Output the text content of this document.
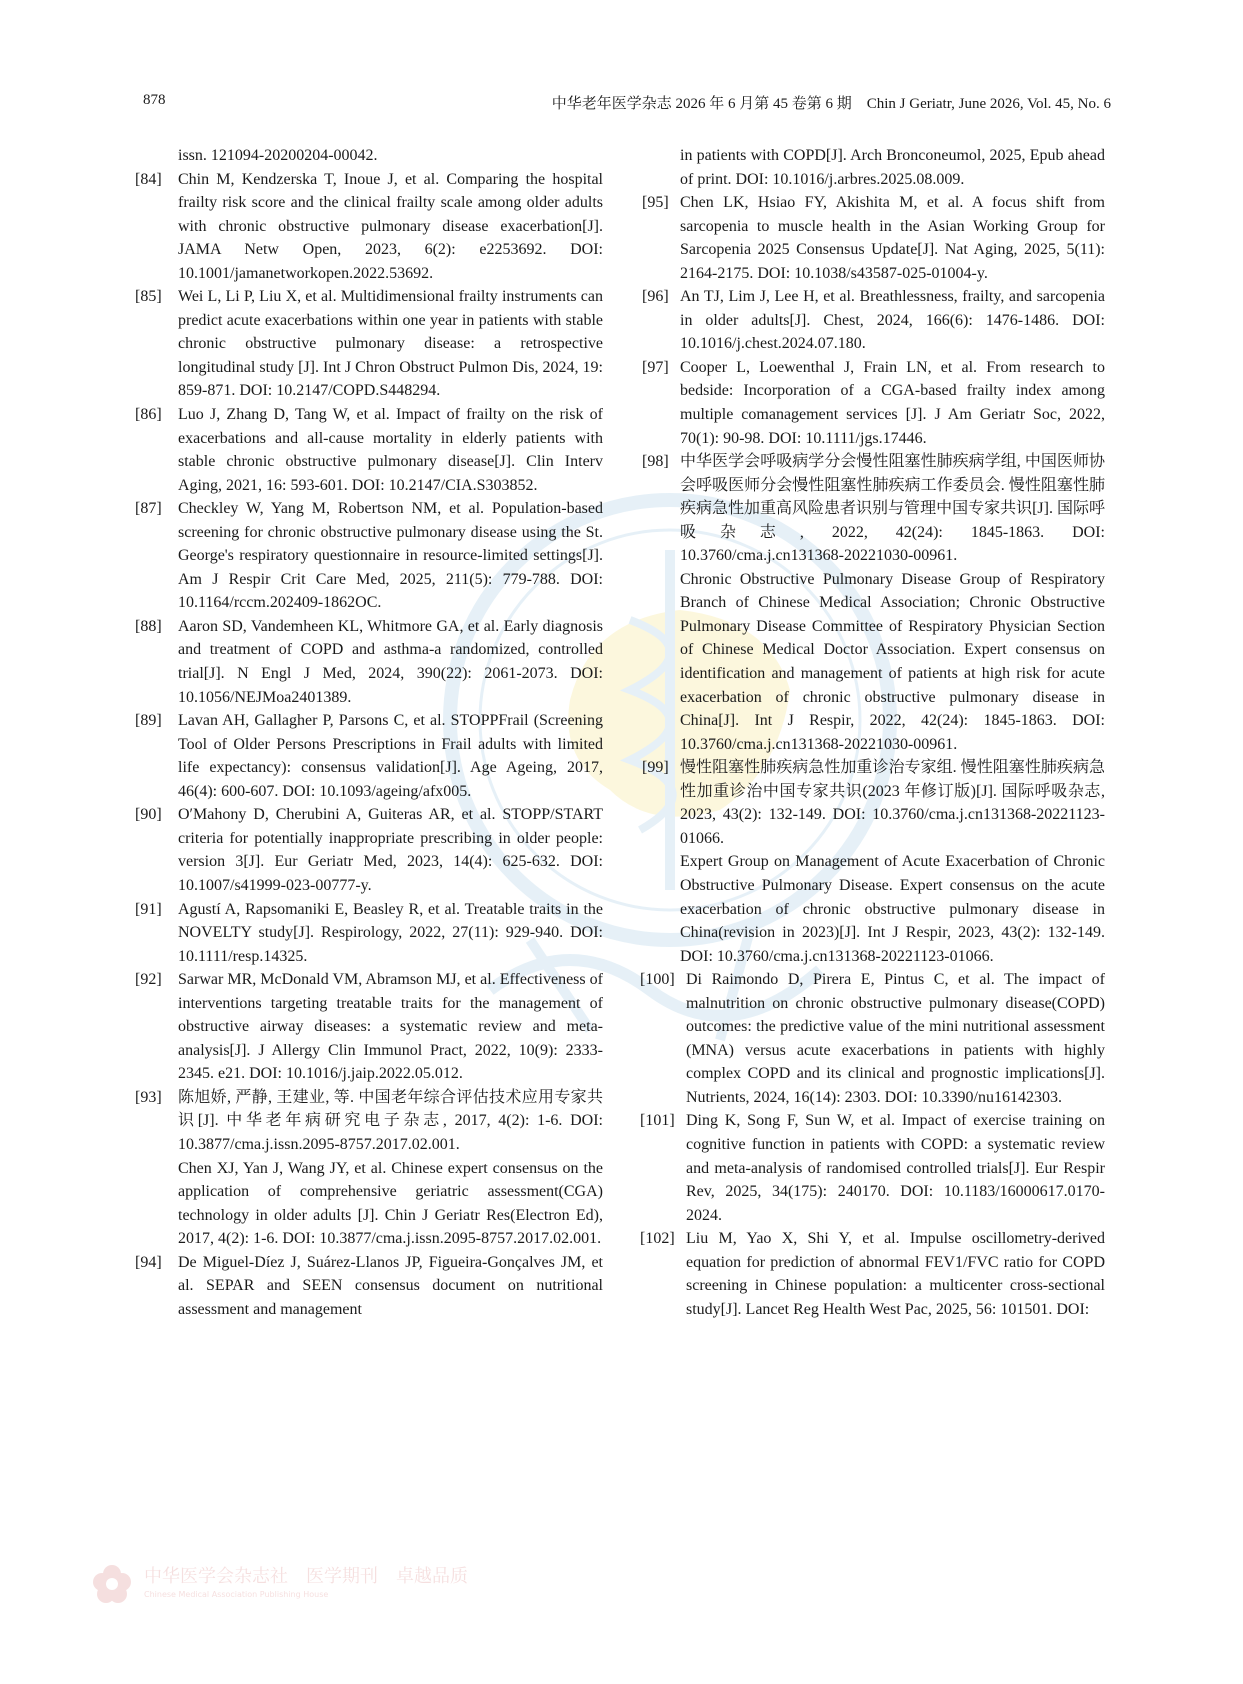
878	中华老年医学杂志 2026 年 6 月第 45 卷第 6 期　Chin J Geriatr, June 2026, Vol. 45, No. 6
issn. 121094-20200204-00042.
[84] Chin M, Kendzerska T, Inoue J, et al. Comparing the hospital frailty risk score and the clinical frailty scale among older adults with chronic obstructive pulmonary disease exacerbation[J]. JAMA Netw Open, 2023, 6(2): e2253692. DOI: 10.1001/jamanetworkopen.2022.53692.
[85] Wei L, Li P, Liu X, et al. Multidimensional frailty instruments can predict acute exacerbations within one year in patients with stable chronic obstructive pulmonary disease: a retrospective longitudinal study [J]. Int J Chron Obstruct Pulmon Dis, 2024, 19: 859-871. DOI: 10.2147/COPD.S448294.
[86] Luo J, Zhang D, Tang W, et al. Impact of frailty on the risk of exacerbations and all-cause mortality in elderly patients with stable chronic obstructive pulmonary disease[J]. Clin Interv Aging, 2021, 16: 593-601. DOI: 10.2147/CIA.S303852.
[87] Checkley W, Yang M, Robertson NM, et al. Population-based screening for chronic obstructive pulmonary disease using the St. George's respiratory questionnaire in resource-limited settings[J]. Am J Respir Crit Care Med, 2025, 211(5): 779-788. DOI: 10.1164/rccm.202409-1862OC.
[88] Aaron SD, Vandemheen KL, Whitmore GA, et al. Early diagnosis and treatment of COPD and asthma-a randomized, controlled trial[J]. N Engl J Med, 2024, 390(22): 2061-2073. DOI: 10.1056/NEJMoa2401389.
[89] Lavan AH, Gallagher P, Parsons C, et al. STOPPFrail (Screening Tool of Older Persons Prescriptions in Frail adults with limited life expectancy): consensus validation[J]. Age Ageing, 2017, 46(4): 600-607. DOI: 10.1093/ageing/afx005.
[90] O′Mahony D, Cherubini A, Guiteras AR, et al. STOPP/START criteria for potentially inappropriate prescribing in older people: version 3[J]. Eur Geriatr Med, 2023, 14(4): 625-632. DOI: 10.1007/s41999-023-00777-y.
[91] Agustí A, Rapsomaniki E, Beasley R, et al. Treatable traits in the NOVELTY study[J]. Respirology, 2022, 27(11): 929-940. DOI: 10.1111/resp.14325.
[92] Sarwar MR, McDonald VM, Abramson MJ, et al. Effectiveness of interventions targeting treatable traits for the management of obstructive airway diseases: a systematic review and meta-analysis[J]. J Allergy Clin Immunol Pract, 2022, 10(9): 2333-2345. e21. DOI: 10.1016/j.jaip.2022.05.012.
[93] 陈旭娇, 严静, 王建业, 等. 中国老年综合评估技术应用专家共识[J]. 中华老年病研究电子杂志, 2017, 4(2): 1-6. DOI: 10.3877/cma.j.issn.2095-8757.2017.02.001.
Chen XJ, Yan J, Wang JY, et al. Chinese expert consensus on the application of comprehensive geriatric assessment(CGA) technology in older adults [J]. Chin J Geriatr Res(Electron Ed), 2017, 4(2): 1-6. DOI: 10.3877/cma.j.issn.2095-8757.2017.02.001.
[94] De Miguel-Díez J, Suárez-Llanos JP, Figueira-Gonçalves JM, et al. SEPAR and SEEN consensus document on nutritional assessment and management
in patients with COPD[J]. Arch Bronconeumol, 2025, Epub ahead of print. DOI: 10.1016/j.arbres.2025.08.009.
[95] Chen LK, Hsiao FY, Akishita M, et al. A focus shift from sarcopenia to muscle health in the Asian Working Group for Sarcopenia 2025 Consensus Update[J]. Nat Aging, 2025, 5(11): 2164-2175. DOI: 10.1038/s43587-025-01004-y.
[96] An TJ, Lim J, Lee H, et al. Breathlessness, frailty, and sarcopenia in older adults[J]. Chest, 2024, 166(6): 1476-1486. DOI: 10.1016/j.chest.2024.07.180.
[97] Cooper L, Loewenthal J, Frain LN, et al. From research to bedside: Incorporation of a CGA-based frailty index among multiple comanagement services [J]. J Am Geriatr Soc, 2022, 70(1): 90-98. DOI: 10.1111/jgs.17446.
[98] 中华医学会呼吸病学分会慢性阻塞性肺疾病学组, 中国医师协会呼吸医师分会慢性阻塞性肺疾病工作委员会. 慢性阻塞性肺疾病急性加重高风险患者识别与管理中国专家共识[J]. 国际呼吸杂志, 2022, 42(24): 1845-1863. DOI: 10.3760/cma.j.cn131368-20221030-00961.
Chronic Obstructive Pulmonary Disease Group of Respiratory Branch of Chinese Medical Association; Chronic Obstructive Pulmonary Disease Committee of Respiratory Physician Section of Chinese Medical Doctor Association. Expert consensus on identification and management of patients at high risk for acute exacerbation of chronic obstructive pulmonary disease in China[J]. Int J Respir, 2022, 42(24): 1845-1863. DOI: 10.3760/cma.j.cn131368-20221030-00961.
[99] 慢性阻塞性肺疾病急性加重诊治专家组. 慢性阻塞性肺疾病急性加重诊治中国专家共识(2023 年修订版)[J]. 国际呼吸杂志, 2023, 43(2): 132-149. DOI: 10.3760/cma.j.cn131368-20221123-01066.
Expert Group on Management of Acute Exacerbation of Chronic Obstructive Pulmonary Disease. Expert consensus on the acute exacerbation of chronic obstructive pulmonary disease in China(revision in 2023)[J]. Int J Respir, 2023, 43(2): 132-149. DOI: 10.3760/cma.j.cn131368-20221123-01066.
[100] Di Raimondo D, Pirera E, Pintus C, et al. The impact of malnutrition on chronic obstructive pulmonary disease(COPD) outcomes: the predictive value of the mini nutritional assessment (MNA) versus acute exacerbations in patients with highly complex COPD and its clinical and prognostic implications[J]. Nutrients, 2024, 16(14): 2303. DOI: 10.3390/nu16142303.
[101] Ding K, Song F, Sun W, et al. Impact of exercise training on cognitive function in patients with COPD: a systematic review and meta-analysis of randomised controlled trials[J]. Eur Respir Rev, 2025, 34(175): 240170. DOI: 10.1183/16000617.0170-2024.
[102] Liu M, Yao X, Shi Y, et al. Impulse oscillometry-derived equation for prediction of abnormal FEV1/FVC ratio for COPD screening in Chinese population: a multicenter cross-sectional study[J]. Lancet Reg Health West Pac, 2025, 56: 101501. DOI:
中华医学会杂志社　医学期刊　卓越品质
Chinese Medical Association Publishing House
